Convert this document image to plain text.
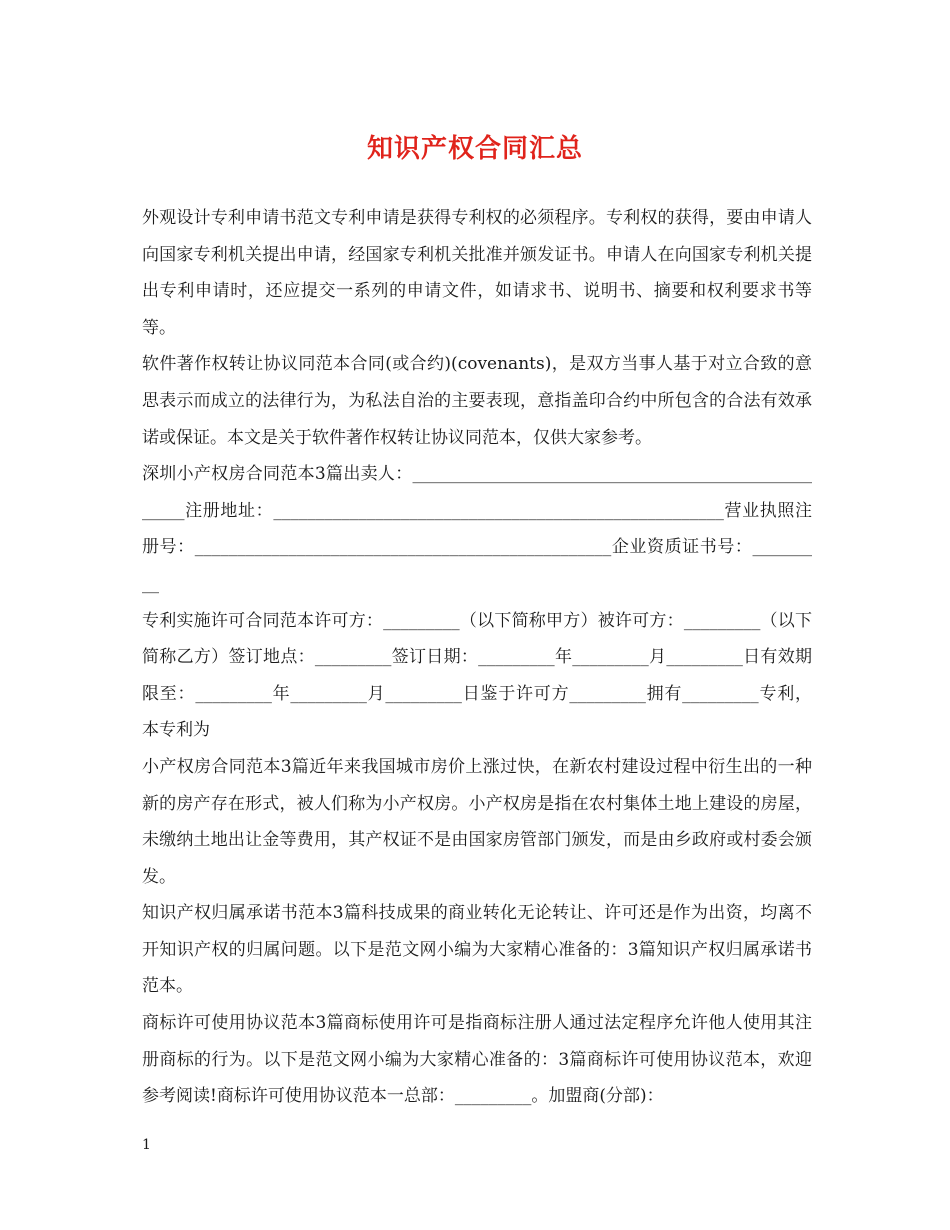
知识产权合同汇总

外观设计专利申请书范文专利申请是获得专利权的必须程序。专利权的获得，要由申请人向国家专利机关提出申请，经国家专利机关批准并颁发证书。申请人在向国家专利机关提出专利申请时，还应提交一系列的申请文件，如请求书、说明书、摘要和权利要求书等等。

软件著作权转让协议同范本合同(或合约)(covenants)，是双方当事人基于对立合致的意思表示而成立的法律行为，为私法自治的主要表现，意指盖印合约中所包含的合法有效承诺或保证。本文是关于软件著作权转让协议同范本，仅供大家参考。

深圳小产权房合同范本3篇出卖人：____________________________________________________注册地址：_____________________________________________________营业执照注册号：_________________________________________________企业资质证书号：_________

专利实施许可合同范本许可方：_________（以下简称甲方）被许可方：_________（以下简称乙方）签订地点：_________签订日期：_________年_________月_________日有效期限至：_________年_________月_________日鉴于许可方_________拥有_________专利，本专利为

小产权房合同范本3篇近年来我国城市房价上涨过快，在新农村建设过程中衍生出的一种新的房产存在形式，被人们称为小产权房。小产权房是指在农村集体土地上建设的房屋，未缴纳土地出让金等费用，其产权证不是由国家房管部门颁发，而是由乡政府或村委会颁发。

知识产权归属承诺书范本3篇科技成果的商业转化无论转让、许可还是作为出资，均离不开知识产权的归属问题。以下是范文网小编为大家精心准备的：3篇知识产权归属承诺书范本。

商标许可使用协议范本3篇商标使用许可是指商标注册人通过法定程序允许他人使用其注册商标的行为。以下是范文网小编为大家精心准备的：3篇商标许可使用协议范本，欢迎参考阅读!商标许可使用协议范本一总部：_________。加盟商(分部)：

1
